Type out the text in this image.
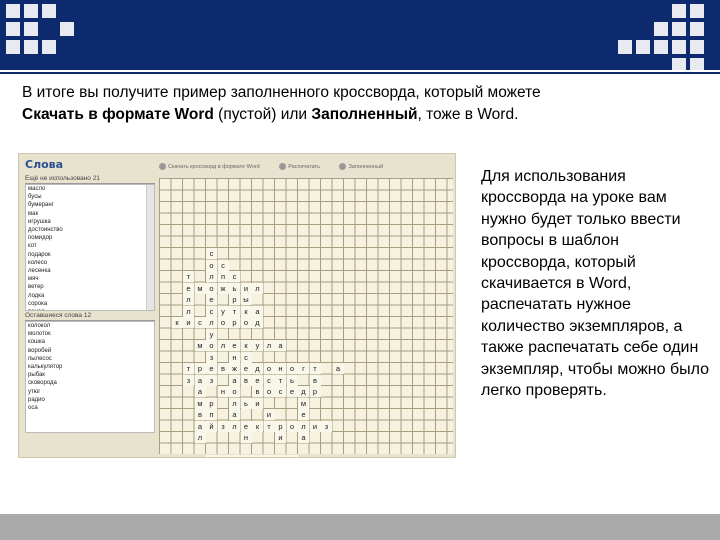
В итоге вы получите пример заполненного кроссворда, который можете
Скачать в формате Word (пустой) или Заполненный, тоже в Word.
Слова
Ещё не использовано 21
масло
бусы
бумеранг
мак
игрушка
достоинство
помидор
кот
подарок
колесо
лесенка
мяч
ветер
лодка
сорока
Оставшиеся слова 12
колокол
молоток
кошка
воробей
пылесос
калькулятор
рыбак
сковорода
утюг
радио
оса
Скачать кроссворд в формате Word	Распечатать	Заполненный
с
о	с
т	л п	с
е м о ж ь и л
л	е	р ы
л	с	у	т	к	а
к	и	с л о р о д
у
м о л е	к	у л а
з	н	с
т	р е в ж е д о н о	г	т	а
з	а	з	а в е	с	т	ь	в
а	н о	в о	с	е д р
м р	л ь и	м
в п	а	и	е
а й	з	л е	к	т	р о л и	з
л	н	и	а
Для использования кроссворда на уроке вам нужно будет только ввести вопросы в шаблон кроссворда, который скачивается в Word, распечатать нужное количество экземпляров, а также распечатать себе один экземпляр, чтобы можно было легко проверять.
